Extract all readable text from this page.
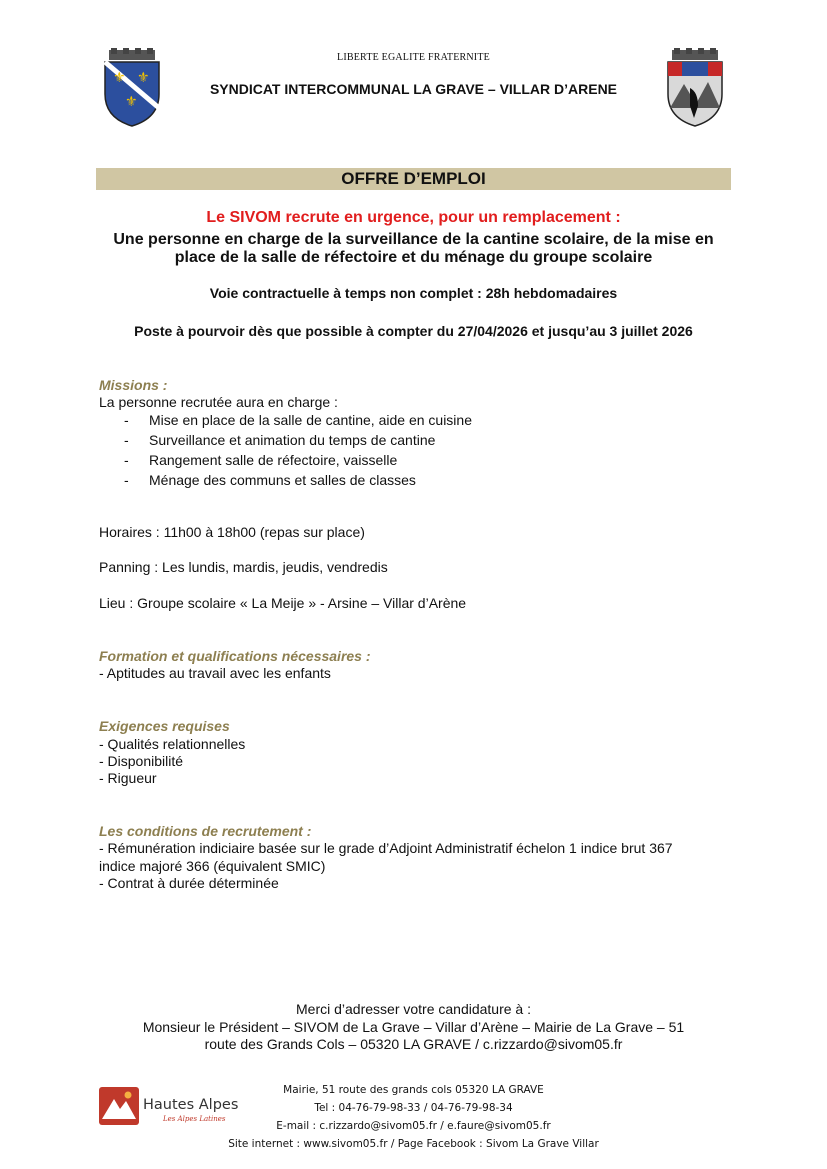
LIBERTE EGALITE FRATERNITE
SYNDICAT INTERCOMMUNAL LA GRAVE – VILLAR D’ARENE
⚜ ⚜
⚜
OFFRE D’EMPLOI
Le SIVOM recrute en urgence, pour un remplacement :
Une personne en charge de la surveillance de la cantine scolaire, de la mise en
place de la salle de réfectoire et du ménage du groupe scolaire
Voie contractuelle à temps non complet : 28h hebdomadaires
Poste à pourvoir dès que possible à compter du 27/04/2026 et jusqu’au 3 juillet 2026
Missions :
La personne recrutée aura en charge :
- Mise en place de la salle de cantine, aide en cuisine
- Surveillance et animation du temps de cantine
- Rangement salle de réfectoire, vaisselle
- Ménage des communs et salles de classes
Horaires : 11h00 à 18h00 (repas sur place)
Panning : Les lundis, mardis, jeudis, vendredis
Lieu : Groupe scolaire « La Meije » - Arsine – Villar d’Arène
Formation et qualifications nécessaires :
- Aptitudes au travail avec les enfants
Exigences requises
- Qualités relationnelles
- Disponibilité
- Rigueur
Les conditions de recrutement :
- Rémunération indiciaire basée sur le grade d’Adjoint Administratif échelon 1 indice brut 367
indice majoré 366 (équivalent SMIC)
- Contrat à durée déterminée
Merci d’adresser votre candidature à :
Monsieur le Président – SIVOM de La Grave – Villar d’Arène – Mairie de La Grave – 51
route des Grands Cols – 05320 LA GRAVE / c.rizzardo@sivom05.fr
Hautes Alpes
Les Alpes Latines
Mairie, 51 route des grands cols 05320 LA GRAVE
Tel : 04-76-79-98-33 / 04-76-79-98-34
E-mail : c.rizzardo@sivom05.fr / e.faure@sivom05.fr
Site internet : www.sivom05.fr / Page Facebook : Sivom La Grave Villar
